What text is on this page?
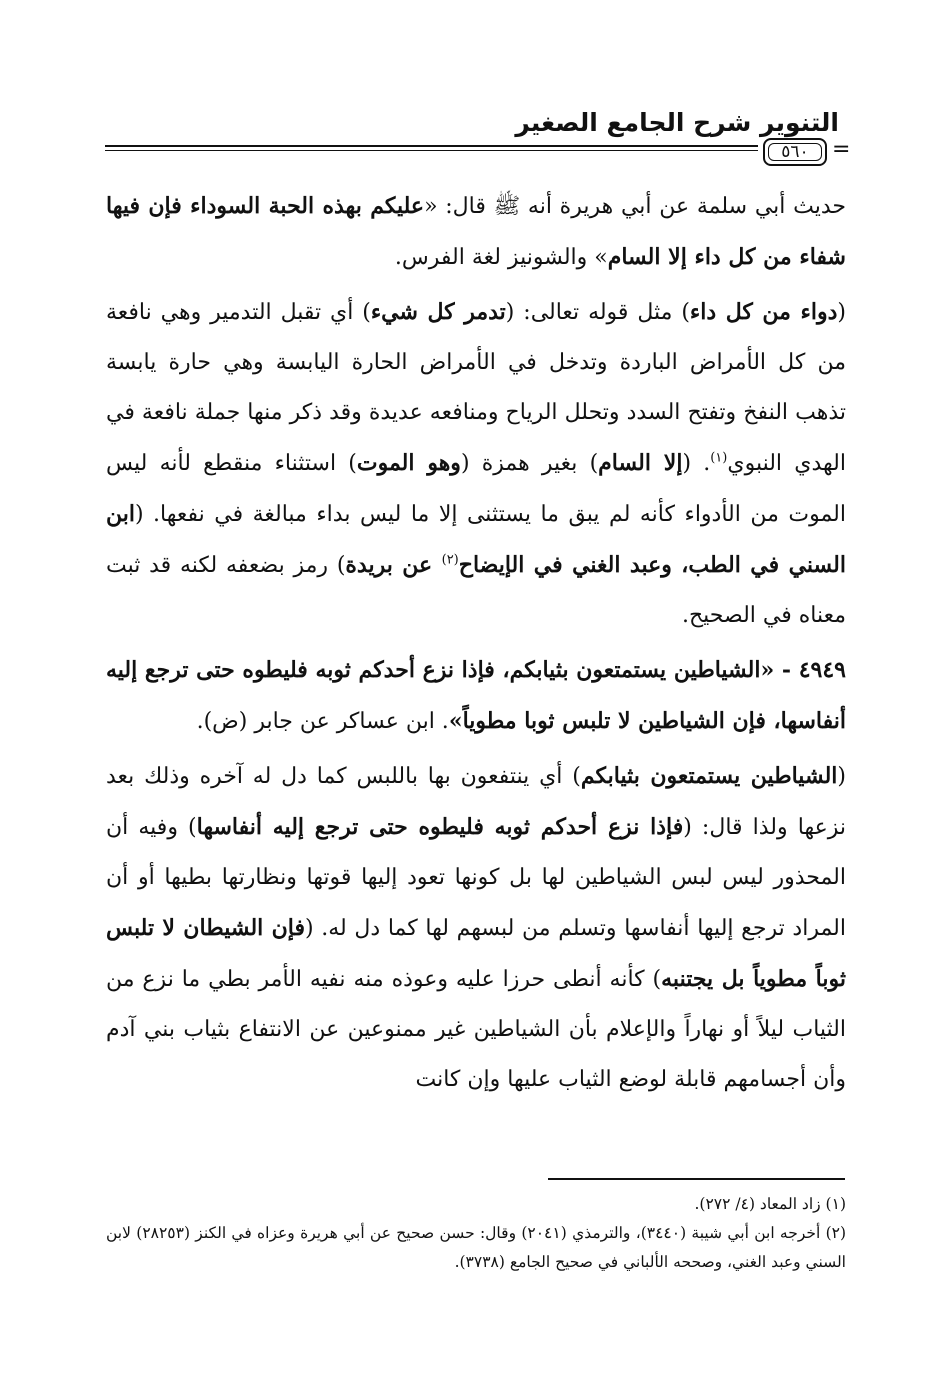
التنوير شرح الجامع الصغير
٥٦٠	=

حديث أبي سلمة عن أبي هريرة أنه ﷺ قال: «عليكم بهذه الحبة السوداء فإن فيها شفاء من كل داء إلا السام» والشونيز لغة الفرس.

(دواء من كل داء) مثل قوله تعالى: (تدمر كل شيء) أي تقبل التدمير وهي نافعة من كل الأمراض الباردة وتدخل في الأمراض الحارة اليابسة وهي حارة يابسة تذهب النفخ وتفتح السدد وتحلل الرياح ومنافعه عديدة وقد ذكر منها جملة نافعة في الهدي النبوي$^{(١)}$. (إلا السام) بغير همزة (وهو الموت) استثناء منقطع لأنه ليس الموت من الأدواء كأنه لم يبق ما يستثنى إلا ما ليس بداء مبالغة في نفعها. (ابن السني في الطب، وعبد الغني في الإيضاح$^{(٢)}$ عن بريدة) رمز بضعفه لكنه قد ثبت معناه في الصحيح.

٤٩٤٩ - «الشياطين يستمتعون بثيابكم، فإذا نزع أحدكم ثوبه فليطوه حتى ترجع إليه أنفاسها، فإن الشياطين لا تلبس ثوبا مطوياً». ابن عساكر عن جابر (ض).

(الشياطين يستمتعون بثيابكم) أي ينتفعون بها باللبس كما دل له آخره وذلك بعد نزعها ولذا قال: (فإذا نزع أحدكم ثوبه فليطوه حتى ترجع إليه أنفاسها) وفيه أن المحذور ليس لبس الشياطين لها بل كونها تعود إليها قوتها ونظارتها بطيها أو أن المراد ترجع إليها أنفاسها وتسلم من لبسهم لها كما دل له. (فإن الشيطان لا تلبس ثوباً مطوياً بل يجتنبه) كأنه أنطى حرزا عليه وعوذه منه نفيه الأمر بطي ما نزع من الثياب ليلاً أو نهاراً والإعلام بأن الشياطين غير ممنوعين عن الانتفاع بثياب بني آدم وأن أجسامهم قابلة لوضع الثياب عليها وإن كانت

(١) زاد المعاد (٤/ ٢٧٢).

(٢) أخرجه ابن أبي شيبة (٣٤٤٠)، والترمذي (٢٠٤١) وقال: حسن صحيح عن أبي هريرة وعزاه في الكنز (٢٨٢٥٣) لابن السني وعبد الغني، وصححه الألباني في صحيح الجامع (٣٧٣٨).
